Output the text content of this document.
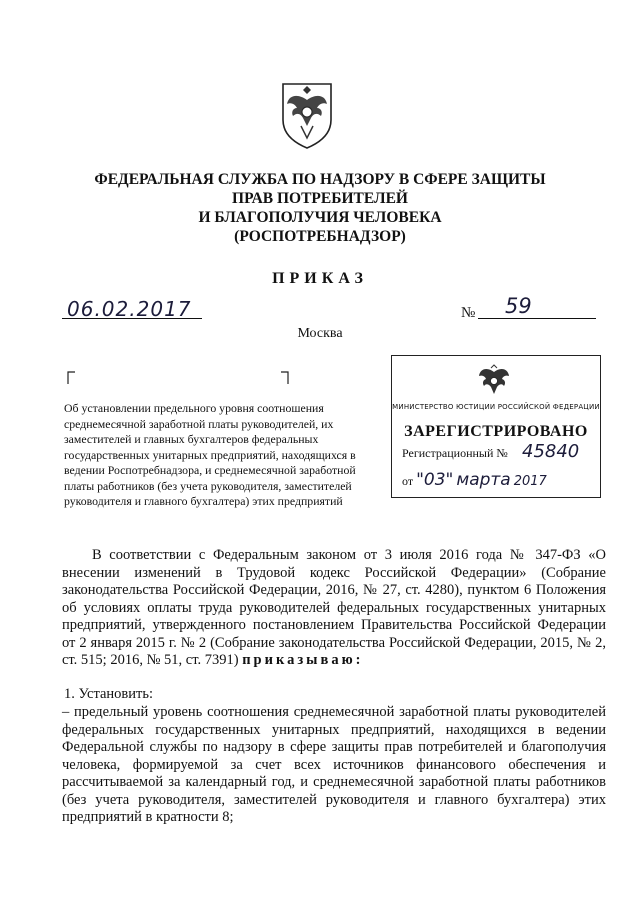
ФЕДЕРАЛЬНАЯ СЛУЖБА ПО НАДЗОРУ В СФЕРЕ ЗАЩИТЫ
ПРАВ ПОТРЕБИТЕЛЕЙ
И БЛАГОПОЛУЧИЯ ЧЕЛОВЕКА
(РОСПОТРЕБНАДЗОР)
ПРИКАЗ
06.02.2017	№ 59
Москва
Об установлении предельного уровня соотношения среднемесячной заработной платы руководителей, их заместителей и главных бухгалтеров федеральных государственных унитарных предприятий, находящихся в ведении Роспотребнадзора, и среднемесячной заработной платы работников (без учета руководителя, заместителей руководителя и главного бухгалтера) этих предприятий
МИНИСТЕРСТВО ЮСТИЦИИ РОССИЙСКОЙ ФЕДЕРАЦИИ
ЗАРЕГИСТРИРОВАНО
Регистрационный № 45840
от "03" марта 2017
В соответствии с Федеральным законом от 3 июля 2016 года № 347-ФЗ «О внесении изменений в Трудовой кодекс Российской Федерации» (Собрание законодательства Российской Федерации, 2016, № 27, ст. 4280), пунктом 6 Положения об условиях оплаты труда руководителей федеральных государственных унитарных предприятий, утвержденного постановлением Правительства Российской Федерации от 2 января 2015 г. № 2 (Собрание законодательства Российской Федерации, 2015, № 2, ст. 515; 2016, № 51, ст. 7391) приказываю:
1. Установить:
– предельный уровень соотношения среднемесячной заработной платы руководителей федеральных государственных унитарных предприятий, находящихся в ведении Федеральной службы по надзору в сфере защиты прав потребителей и благополучия человека, формируемой за счет всех источников финансового обеспечения и рассчитываемой за календарный год, и среднемесячной заработной платы работников (без учета руководителя, заместителей руководителя и главного бухгалтера) этих предприятий в кратности 8;
